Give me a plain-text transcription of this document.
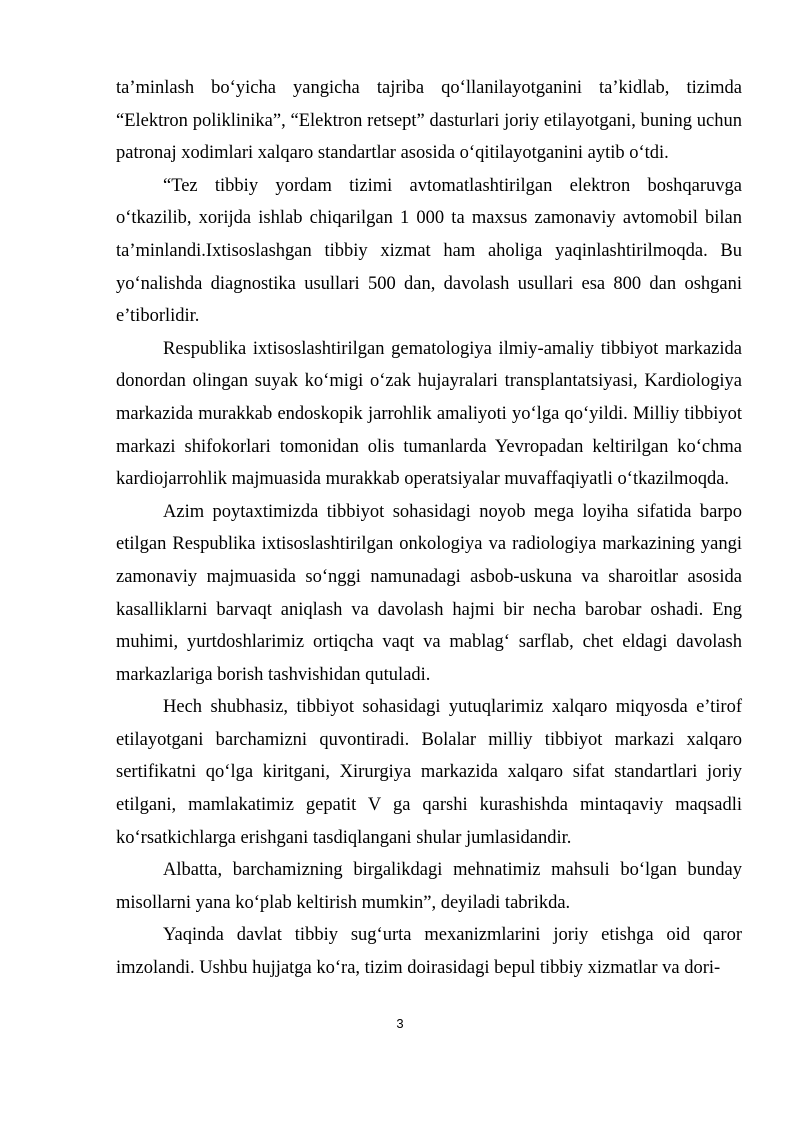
ta’minlash bo‘yicha yangicha tajriba qo‘llanilayotganini ta’kidlab, tizimda “Elektron poliklinika”, “Elektron retsept” dasturlari joriy etilayotgani, buning uchun patronaj xodimlari xalqaro standartlar asosida o‘qitilayotganini aytib o‘tdi.

“Tez tibbiy yordam tizimi avtomatlashtirilgan elektron boshqaruvga o‘tkazilib, xorijda ishlab chiqarilgan 1 000 ta maxsus zamonaviy avtomobil bilan ta’minlandi.Ixtisoslashgan tibbiy xizmat ham aholiga yaqinlashtirilmoqda. Bu yo‘nalishda diagnostika usullari 500 dan, davolash usullari esa 800 dan oshgani e’tiborlidir.

Respublika ixtisoslashtirilgan gematologiya ilmiy-amaliy tibbiyot markazida donordan olingan suyak ko‘migi o‘zak hujayralari transplantatsiyasi, Kardiologiya markazida murakkab endoskopik jarrohlik amaliyoti yo‘lga qo‘yildi. Milliy tibbiyot markazi shifokorlari tomonidan olis tumanlarda Yevropadan keltirilgan ko‘chma kardiojarrohlik majmuasida murakkab operatsiyalar muvaffaqiyatli o‘tkazilmoqda.

Azim poytaxtimizda tibbiyot sohasidagi noyob mega loyiha sifatida barpo etilgan Respublika ixtisoslashtirilgan onkologiya va radiologiya markazining yangi zamonaviy majmuasida so‘nggi namunadagi asbob-uskuna va sharoitlar asosida kasalliklarni barvaqt aniqlash va davolash hajmi bir necha barobar oshadi. Eng muhimi, yurtdoshlarimiz ortiqcha vaqt va mablag‘ sarflab, chet eldagi davolash markazlariga borish tashvishidan qutuladi.

Hech shubhasiz, tibbiyot sohasidagi yutuqlarimiz xalqaro miqyosda e’tirof etilayotgani barchamizni quvontiradi. Bolalar milliy tibbiyot markazi xalqaro sertifikatni qo‘lga kiritgani, Xirurgiya markazida xalqaro sifat standartlari joriy etilgani, mamlakatimiz gepatit V ga qarshi kurashishda mintaqaviy maqsadli ko‘rsatkichlarga erishgani tasdiqlangani shular jumlasidandir.

Albatta, barchamizning birgalikdagi mehnatimiz mahsuli bo‘lgan bunday misollarni yana ko‘plab keltirish mumkin”, deyiladi tabrikda.

Yaqinda davlat tibbiy sug‘urta mexanizmlarini joriy etishga oid qaror imzolandi. Ushbu hujjatga ko‘ra, tizim doirasidagi bepul tibbiy xizmatlar va dori-

3
